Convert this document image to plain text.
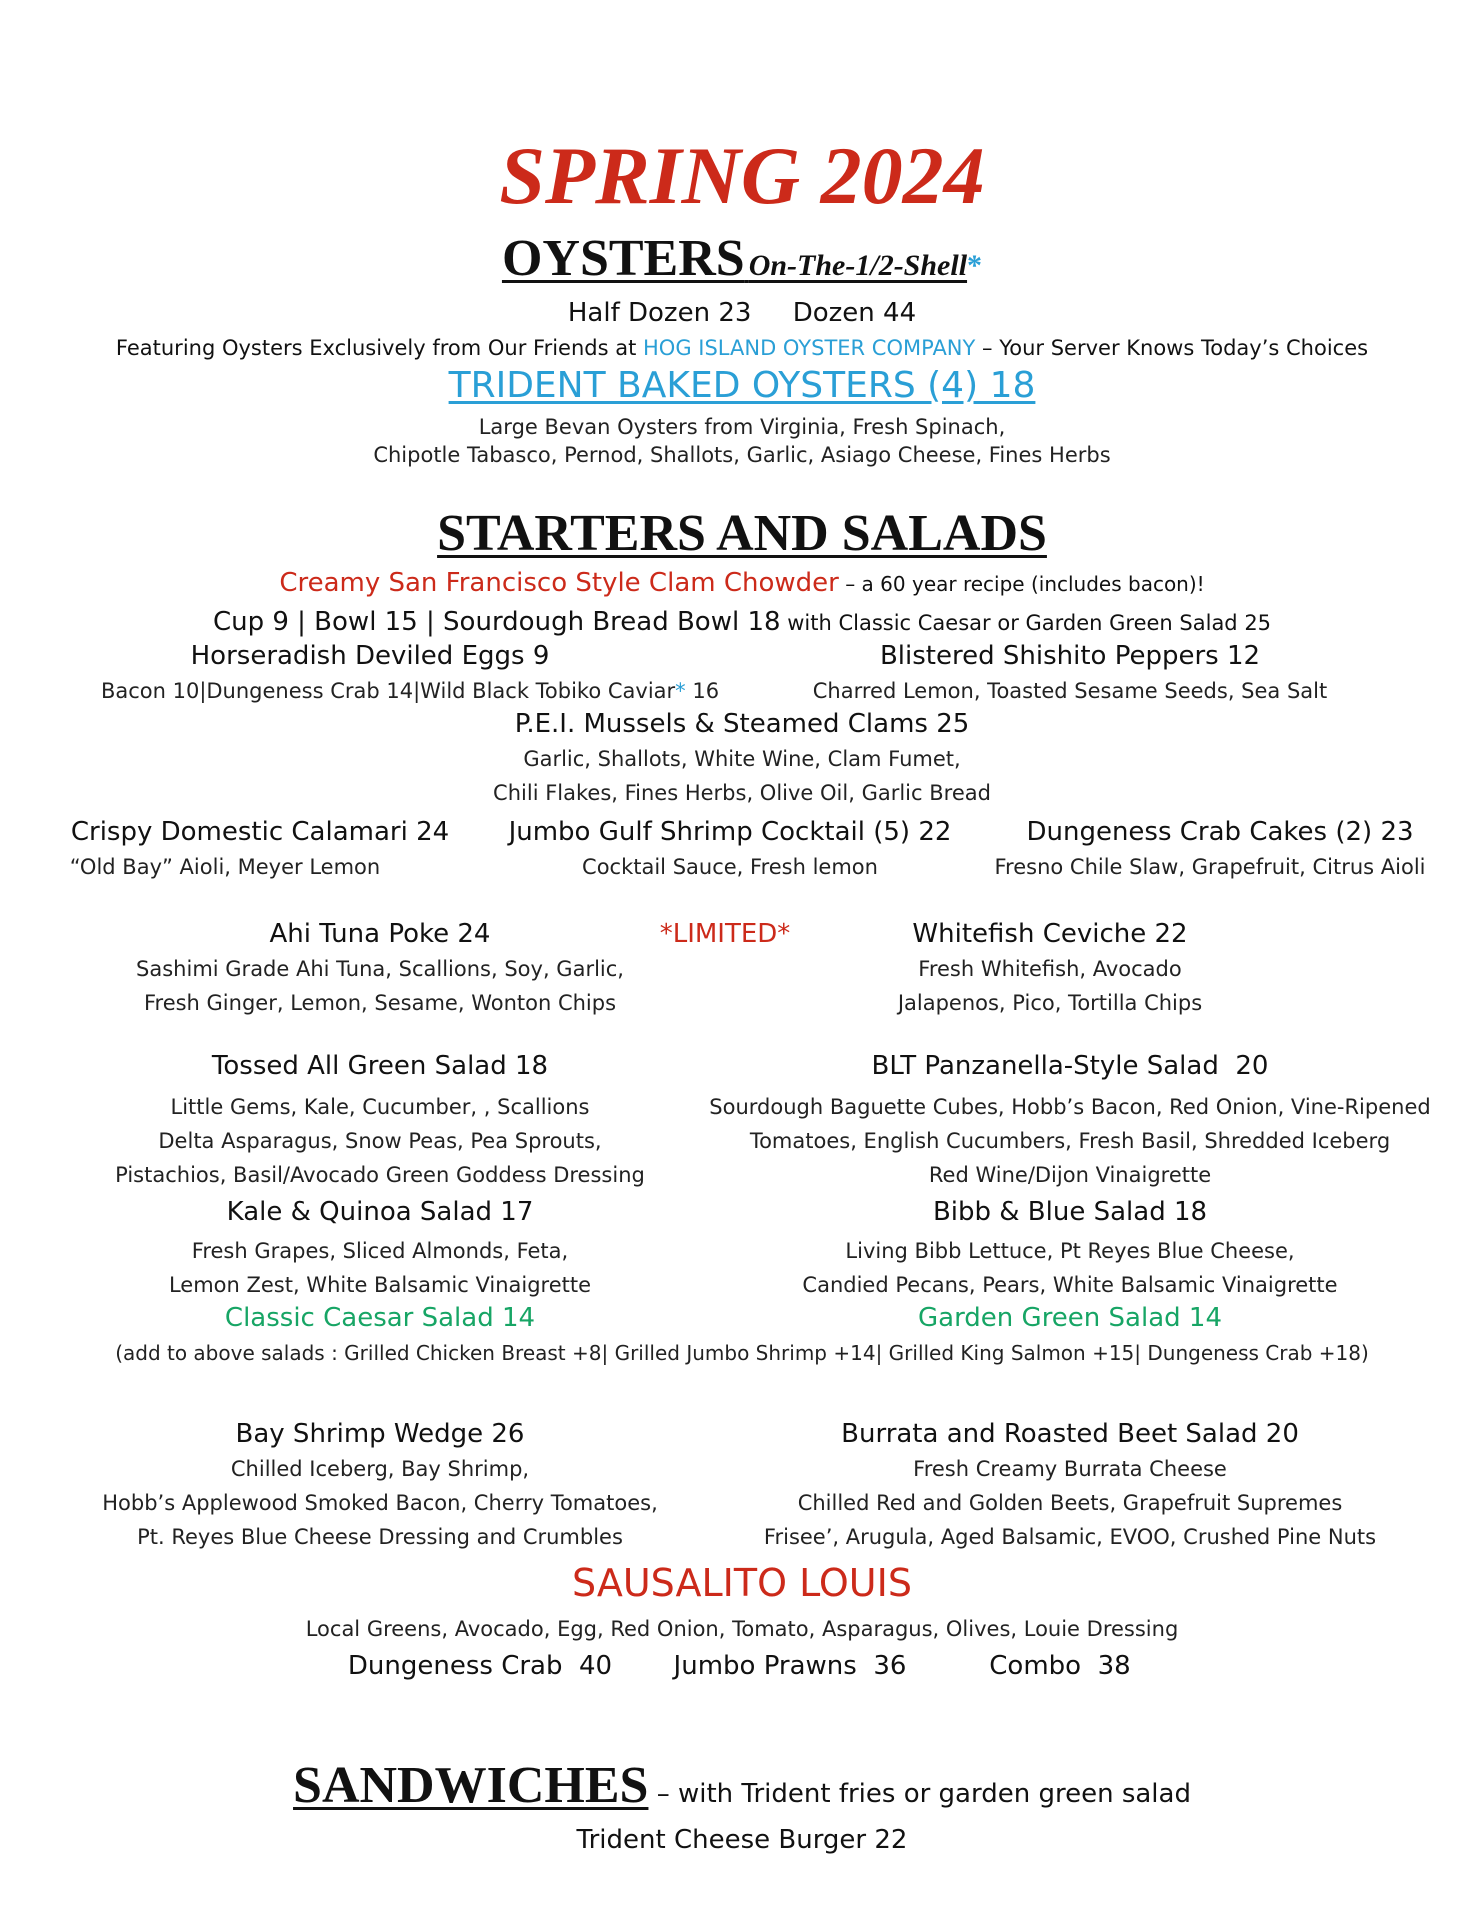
SPRING 2024
OYSTERS On-The-1/2-Shell*
Half Dozen 23     Dozen 44
Featuring Oysters Exclusively from Our Friends at HOG ISLAND OYSTER COMPANY – Your Server Knows Today’s Choices
TRIDENT BAKED OYSTERS (4) 18
Large Bevan Oysters from Virginia, Fresh Spinach,
Chipotle Tabasco, Pernod, Shallots, Garlic, Asiago Cheese, Fines Herbs
STARTERS AND SALADS
Creamy San Francisco Style Clam Chowder – a 60 year recipe (includes bacon)!
Cup 9 | Bowl 15 | Sourdough Bread Bowl 18 with Classic Caesar or Garden Green Salad 25
Horseradish Deviled Eggs 9
Bacon 10|Dungeness Crab 14|Wild Black Tobiko Caviar* 16
Blistered Shishito Peppers 12
Charred Lemon, Toasted Sesame Seeds, Sea Salt
P.E.I. Mussels & Steamed Clams 25
Garlic, Shallots, White Wine, Clam Fumet,
Chili Flakes, Fines Herbs, Olive Oil, Garlic Bread
Crispy Domestic Calamari 24
“Old Bay” Aioli, Meyer Lemon
Jumbo Gulf Shrimp Cocktail (5) 22
Cocktail Sauce, Fresh lemon
Dungeness Crab Cakes (2) 23
Fresno Chile Slaw, Grapefruit, Citrus Aioli
Ahi Tuna Poke 24
Sashimi Grade Ahi Tuna, Scallions, Soy, Garlic,
Fresh Ginger, Lemon, Sesame, Wonton Chips
*LIMITED*	Whitefish Ceviche 22
Fresh Whitefish, Avocado
Jalapenos, Pico, Tortilla Chips
Tossed All Green Salad 18
Little Gems, Kale, Cucumber, , Scallions
Delta Asparagus, Snow Peas, Pea Sprouts,
Pistachios, Basil/Avocado Green Goddess Dressing
BLT Panzanella-Style Salad  20
Sourdough Baguette Cubes, Hobb’s Bacon, Red Onion, Vine-Ripened
Tomatoes, English Cucumbers, Fresh Basil, Shredded Iceberg
Red Wine/Dijon Vinaigrette
Kale & Quinoa Salad 17
Fresh Grapes, Sliced Almonds, Feta,
Lemon Zest, White Balsamic Vinaigrette
Bibb & Blue Salad 18
Living Bibb Lettuce, Pt Reyes Blue Cheese,
Candied Pecans, Pears, White Balsamic Vinaigrette
Classic Caesar Salad 14	Garden Green Salad 14
(add to above salads : Grilled Chicken Breast +8| Grilled Jumbo Shrimp +14| Grilled King Salmon +15| Dungeness Crab +18)
Bay Shrimp Wedge 26
Chilled Iceberg, Bay Shrimp,
Hobb’s Applewood Smoked Bacon, Cherry Tomatoes,
Pt. Reyes Blue Cheese Dressing and Crumbles
Burrata and Roasted Beet Salad 20
Fresh Creamy Burrata Cheese
Chilled Red and Golden Beets, Grapefruit Supremes
Frisee’, Arugula, Aged Balsamic, EVOO, Crushed Pine Nuts
SAUSALITO LOUIS
Local Greens, Avocado, Egg, Red Onion, Tomato, Asparagus, Olives, Louie Dressing
Dungeness Crab  40	Jumbo Prawns  36	Combo  38
SANDWICHES – with Trident fries or garden green salad
Trident Cheese Burger 22
